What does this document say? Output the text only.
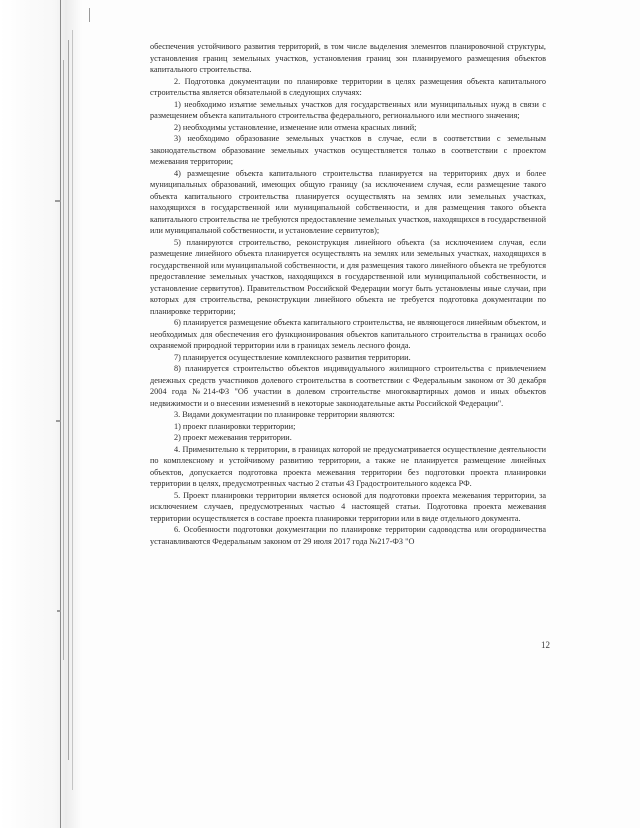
обеспечения устойчивого развития территорий, в том числе выделения элементов планировочной структуры, установления границ земельных участков, установления границ зон планируемого размещения объектов капитального строительства.

2. Подготовка документации по планировке территории в целях размещения объекта капитального строительства является обязательной в следующих случаях:

1) необходимо изъятие земельных участков для государственных или муниципальных нужд в связи с размещением объекта капитального строительства федерального, регионального или местного значения;

2) необходимы установление, изменение или отмена красных линий;

3) необходимо образование земельных участков в случае, если в соответствии с земельным законодательством образование земельных участков осуществляется только в соответствии с проектом межевания территории;

4) размещение объекта капитального строительства планируется на территориях двух и более муниципальных образований, имеющих общую границу (за исключением случая, если размещение такого объекта капитального строительства планируется осуществлять на землях или земельных участках, находящихся в государственной или муниципальной собственности, и для размещения такого объекта капитального строительства не требуются предоставление земельных участков, находящихся в государственной или муниципальной собственности, и установление сервитутов);

5) планируются строительство, реконструкция линейного объекта (за исключением случая, если размещение линейного объекта планируется осуществлять на землях или земельных участках, находящихся в государственной или муниципальной собственности, и для размещения такого линейного объекта не требуются предоставление земельных участков, находящихся в государственной или муниципальной собственности, и установление сервитутов). Правительством Российской Федерации могут быть установлены иные случаи, при которых для строительства, реконструкции линейного объекта не требуется подготовка документации по планировке территории;

6) планируется размещение объекта капитального строительства, не являющегося линейным объектом, и необходимых для обеспечения его функционирования объектов капитального строительства в границах особо охраняемой природной территории или в границах земель лесного фонда.

7) планируется осуществление комплексного развития территории.

8) планируется строительство объектов индивидуального жилищного строительства с привлечением денежных средств участников долевого строительства в соответствии с Федеральным законом от 30 декабря 2004 года №214-ФЗ "Об участии в долевом строительстве многоквартирных домов и иных объектов недвижимости и о внесении изменений в некоторые законодательные акты Российской Федерации".

3. Видами документации по планировке территории являются:

1) проект планировки территории;

2) проект межевания территории.

4. Применительно к территории, в границах которой не предусматривается осуществление деятельности по комплексному и устойчивому развитию территории, а также не планируется размещение линейных объектов, допускается подготовка проекта межевания территории без подготовки проекта планировки территории в целях, предусмотренных частью 2 статьи 43 Градостроительного кодекса РФ.

5. Проект планировки территории является основой для подготовки проекта межевания территории, за исключением случаев, предусмотренных частью 4 настоящей статьи. Подготовка проекта межевания территории осуществляется в составе проекта планировки территории или в виде отдельного документа.

6. Особенности подготовки документации по планировке территории садоводства или огородничества устанавливаются Федеральным законом от 29 июля 2017 года №217-ФЗ "О

12
